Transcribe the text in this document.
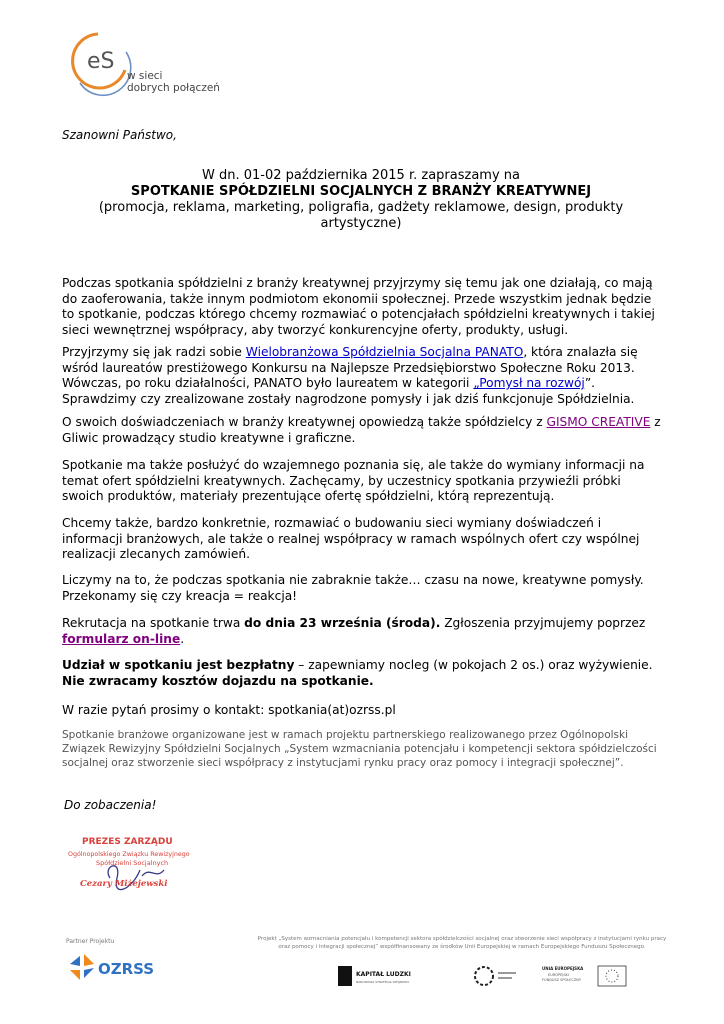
eS
w sieci
dobrych połączeń
Szanowni Państwo,
W dn. 01-02 października 2015 r. zapraszamy na
SPOTKANIE SPÓŁDZIELNI SOCJALNYCH Z BRANŻY KREATYWNEJ
(promocja, reklama, marketing, poligrafia, gadżety reklamowe, design, produkty artystyczne)
Podczas spotkania spółdzielni z branży kreatywnej przyjrzymy się temu jak one działają, co mają do zaoferowania, także innym podmiotom ekonomii społecznej. Przede wszystkim jednak będzie to spotkanie, podczas którego chcemy rozmawiać o potencjałach spółdzielni kreatywnych i takiej sieci wewnętrznej współpracy, aby tworzyć konkurencyjne oferty, produkty, usługi.
Przyjrzymy się jak radzi sobie Wielobranżowa Spółdzielnia Socjalna PANATO, która znalazła się wśród laureatów prestiżowego Konkursu na Najlepsze Przedsiębiorstwo Społeczne Roku 2013. Wówczas, po roku działalności, PANATO było laureatem w kategorii „Pomysł na rozwój”. Sprawdzimy czy zrealizowane zostały nagrodzone pomysły i jak dziś funkcjonuje Spółdzielnia.
O swoich doświadczeniach w branży kreatywnej opowiedzą także spółdzielcy z GISMO CREATIVE z Gliwic prowadzący studio kreatywne i graficzne.
Spotkanie ma także posłużyć do wzajemnego poznania się, ale także do wymiany informacji na temat ofert spółdzielni kreatywnych. Zachęcamy, by uczestnicy spotkania przywieźli próbki swoich produktów, materiały prezentujące ofertę spółdzielni, którą reprezentują.
Chcemy także, bardzo konkretnie, rozmawiać o budowaniu sieci wymiany doświadczeń i informacji branżowych, ale także o realnej współpracy w ramach wspólnych ofert czy wspólnej realizacji zlecanych zamówień.
Liczymy na to, że podczas spotkania nie zabraknie także… czasu na nowe, kreatywne pomysły. Przekonamy się czy kreacja = reakcja!
Rekrutacja na spotkanie trwa do dnia 23 września (środa). Zgłoszenia przyjmujemy poprzez formularz on-line.
Udział w spotkaniu jest bezpłatny – zapewniamy nocleg (w pokojach 2 os.) oraz wyżywienie.
Nie zwracamy kosztów dojazdu na spotkanie.
W razie pytań prosimy o kontakt: spotkania(at)ozrss.pl
Spotkanie branżowe organizowane jest w ramach projektu partnerskiego realizowanego przez Ogólnopolski Związek Rewizyjny Spółdzielni Socjalnych „System wzmacniania potencjału i kompetencji sektora spółdzielczości socjalnej oraz stworzenie sieci współpracy z instytucjami rynku pracy oraz pomocy i integracji społecznej”.
Do zobaczenia!
PREZES ZARZĄDU
Ogólnopolskiego Związku Rewizyjnego
Spółdzielni Socjalnych
Cezary Miżejewski
Partner Projektu	Projekt „System wzmacniania potencjału i kompetencji sektora spółdzielczości socjalnej oraz stworzenie sieci współpracy z instytucjami rynku pracy oraz pomocy i integracji społecznej” współfinansowany ze środków Unii Europejskiej w ramach Europejskiego Funduszu Społecznego.
OZRSS	KAPITAŁ LUDZKI
NARODOWA STRATEGIA SPÓJNOŚCI
UNIA EUROPEJSKA
EUROPEJSKI
FUNDUSZ SPOŁECZNY
